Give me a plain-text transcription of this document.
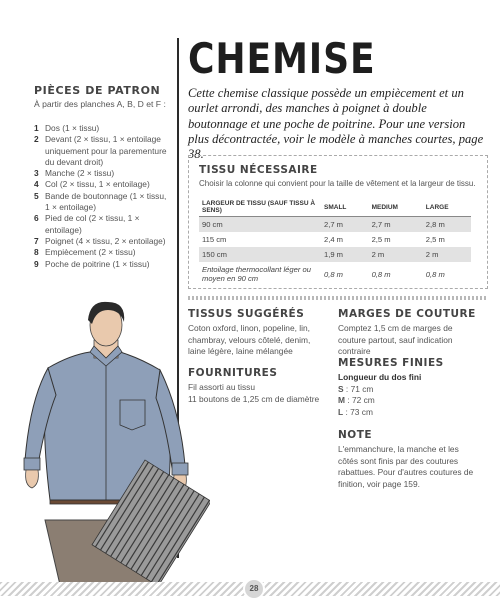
CHEMISE

Cette chemise classique possède un empiècement et un ourlet arrondi, des manches à poignet à double boutonnage et une poche de poitrine. Pour une version plus décontractée, voir le modèle à manches courtes, page 38.

PIÈCES DE PATRON
À partir des planches A, B, D et F :
1 Dos (1 × tissu)
2 Devant (2 × tissu, 1 × entoilage uniquement pour la parementure du devant droit)
3 Manche (2 × tissu)
4 Col (2 × tissu, 1 × entoilage)
5 Bande de boutonnage (1 × tissu, 1 × entoilage)
6 Pied de col (2 × tissu, 1 × entoilage)
7 Poignet (4 × tissu, 2 × entoilage)
8 Empiècement (2 × tissu)
9 Poche de poitrine (1 × tissu)
TISSU NÉCESSAIRE
Choisir la colonne qui convient pour la taille de vêtement et la largeur de tissu.
LARGEUR DE TISSU (SAUF TISSU À SENS)	SMALL	MEDIUM	LARGE
90 cm	2,7 m	2,7 m	2,8 m
115 cm	2,4 m	2,5 m	2,5 m
150 cm	1,9 m	2 m	2 m
Entoilage thermocollant léger ou moyen en 90 cm	0,8 m	0,8 m	0,8 m
TISSUS SUGGÉRÉS
Coton oxford, linon, popeline, lin, chambray, velours côtelé, denim, laine légère, laine mélangée
FOURNITURES
Fil assorti au tissu
11 boutons de 1,25 cm de diamètre
MARGES DE COUTURE
Comptez 1,5 cm de marges de couture partout, sauf indication contraire
MESURES FINIES
Longueur du dos fini
S : 71 cm
M : 72 cm
L : 73 cm
NOTE
L'emmanchure, la manche et les côtés sont finis par des coutures rabattues. Pour d'autres coutures de finition, voir page 159.
28
